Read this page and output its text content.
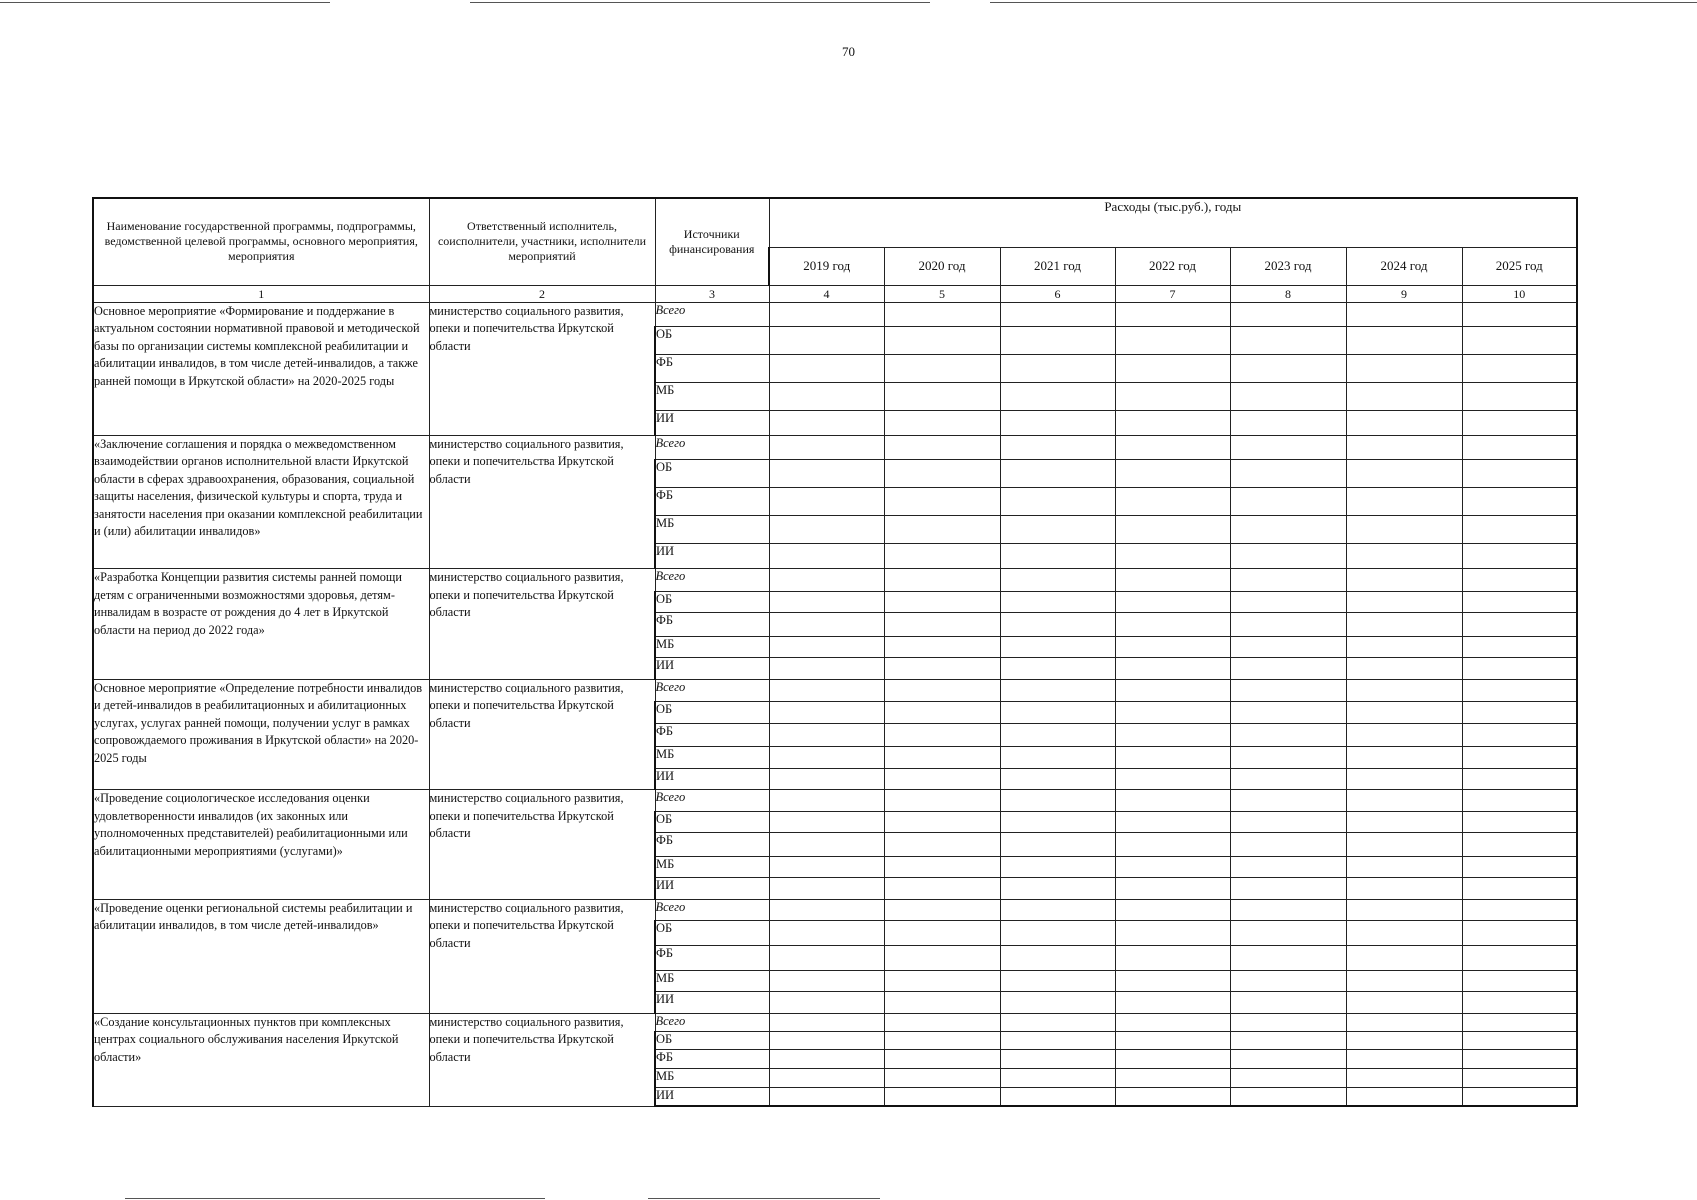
70
Наименование государственной программы, подпрограммы, ведомственной целевой программы, основного мероприятия, мероприятия	Ответственный исполнитель, соисполнители, участники, исполнители мероприятий	Источники финансирования	Расходы (тыс.руб.), годы						
			2019 год	2020 год	2021 год	2022 год	2023 год	2024 год	2025 год
1	2	3	4	5	6	7	8	9	10
Основное мероприятие «Формирование и поддержание в актуальном состоянии нормативной правовой и методической базы по организации системы комплексной реабилитации и абилитации инвалидов, в том числе детей-инвалидов, а также ранней помощи в Иркутской области» на 2020-2025 годы	министерство социального развития, опеки и попечительства Иркутской области	Всего							
		ОБ							
		ФБ							
		МБ							
		ИИ							
«Заключение соглашения и порядка о межведомственном взаимодействии органов исполнительной власти Иркутской области в сферах здравоохранения, образования, социальной защиты населения, физической культуры и спорта, труда и занятости населения при оказании комплексной реабилитации и (или) абилитации инвалидов»	министерство социального развития, опеки и попечительства Иркутской области	Всего							
		ОБ							
		ФБ							
		МБ							
		ИИ							
«Разработка Концепции развития системы ранней помощи детям с ограниченными возможностями здоровья, детям-инвалидам в возрасте от рождения до 4 лет в Иркутской области на период до 2022 года»	министерство социального развития, опеки и попечительства Иркутской области	Всего							
		ОБ							
		ФБ							
		МБ							
		ИИ							
Основное мероприятие «Определение потребности инвалидов и детей-инвалидов в реабилитационных и абилитационных услугах, услугах ранней помощи, получении услуг в рамках сопровождаемого проживания в Иркутской области» на 2020-2025 годы	министерство социального развития, опеки и попечительства Иркутской области	Всего							
		ОБ							
		ФБ							
		МБ							
		ИИ							
«Проведение социологическое исследования оценки удовлетворенности инвалидов (их законных или уполномоченных представителей) реабилитационными или абилитационными мероприятиями (услугами)»	министерство социального развития, опеки и попечительства Иркутской области	Всего							
		ОБ							
		ФБ							
		МБ							
		ИИ							
«Проведение оценки региональной системы реабилитации и абилитации инвалидов, в том числе детей-инвалидов»	министерство социального развития, опеки и попечительства Иркутской области	Всего							
		ОБ							
		ФБ							
		МБ							
		ИИ							
«Создание консультационных пунктов при комплексных центрах социального обслуживания населения Иркутской области»	министерство социального развития, опеки и попечительства Иркутской области	Всего							
		ОБ							
		ФБ							
		МБ							
		ИИ							
